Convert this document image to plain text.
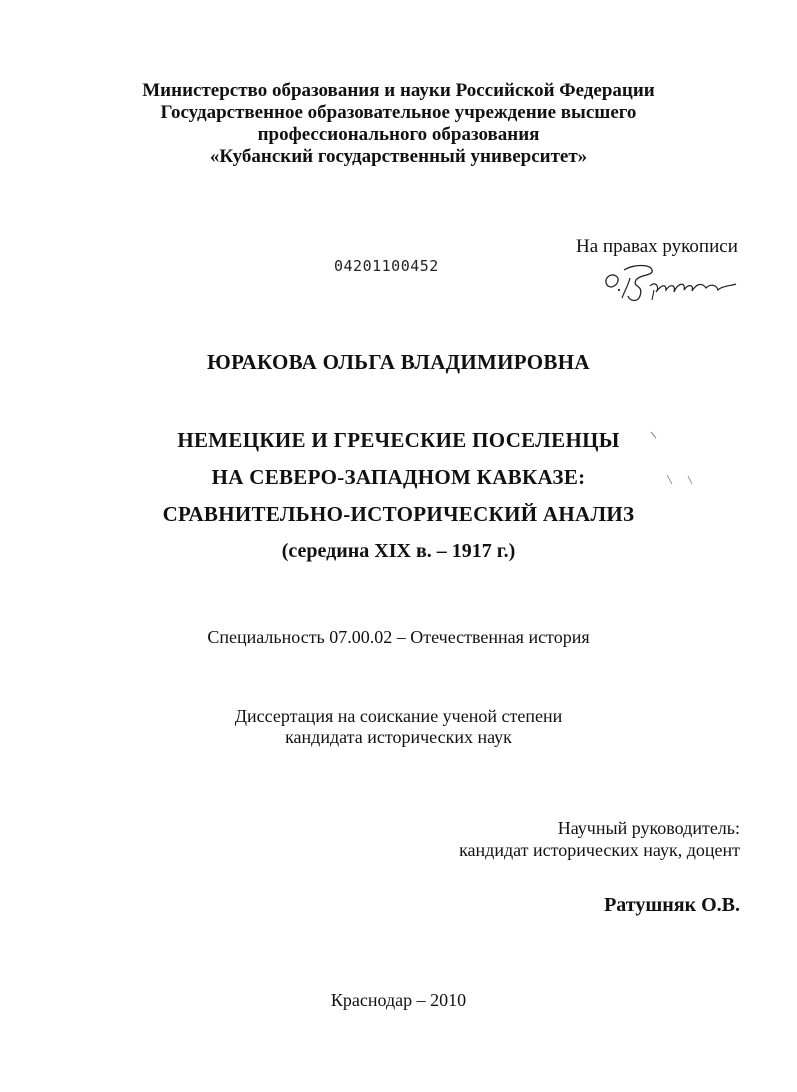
Министерство образования и науки Российской Федерации
Государственное образовательное учреждение высшего
профессионального образования
«Кубанский государственный университет»
04201100452
На правах рукописи
ЮРАКОВА ОЛЬГА ВЛАДИМИРОВНА
НЕМЕЦКИЕ И ГРЕЧЕСКИЕ ПОСЕЛЕНЦЫ
НА СЕВЕРО-ЗАПАДНОМ КАВКАЗЕ:
СРАВНИТЕЛЬНО-ИСТОРИЧЕСКИЙ АНАЛИЗ
(середина XIX в. – 1917 г.)
Специальность 07.00.02 – Отечественная история
Диссертация на соискание ученой степени
кандидата исторических наук
Научный руководитель:
кандидат исторических наук, доцент
Ратушняк О.В.
Краснодар – 2010
